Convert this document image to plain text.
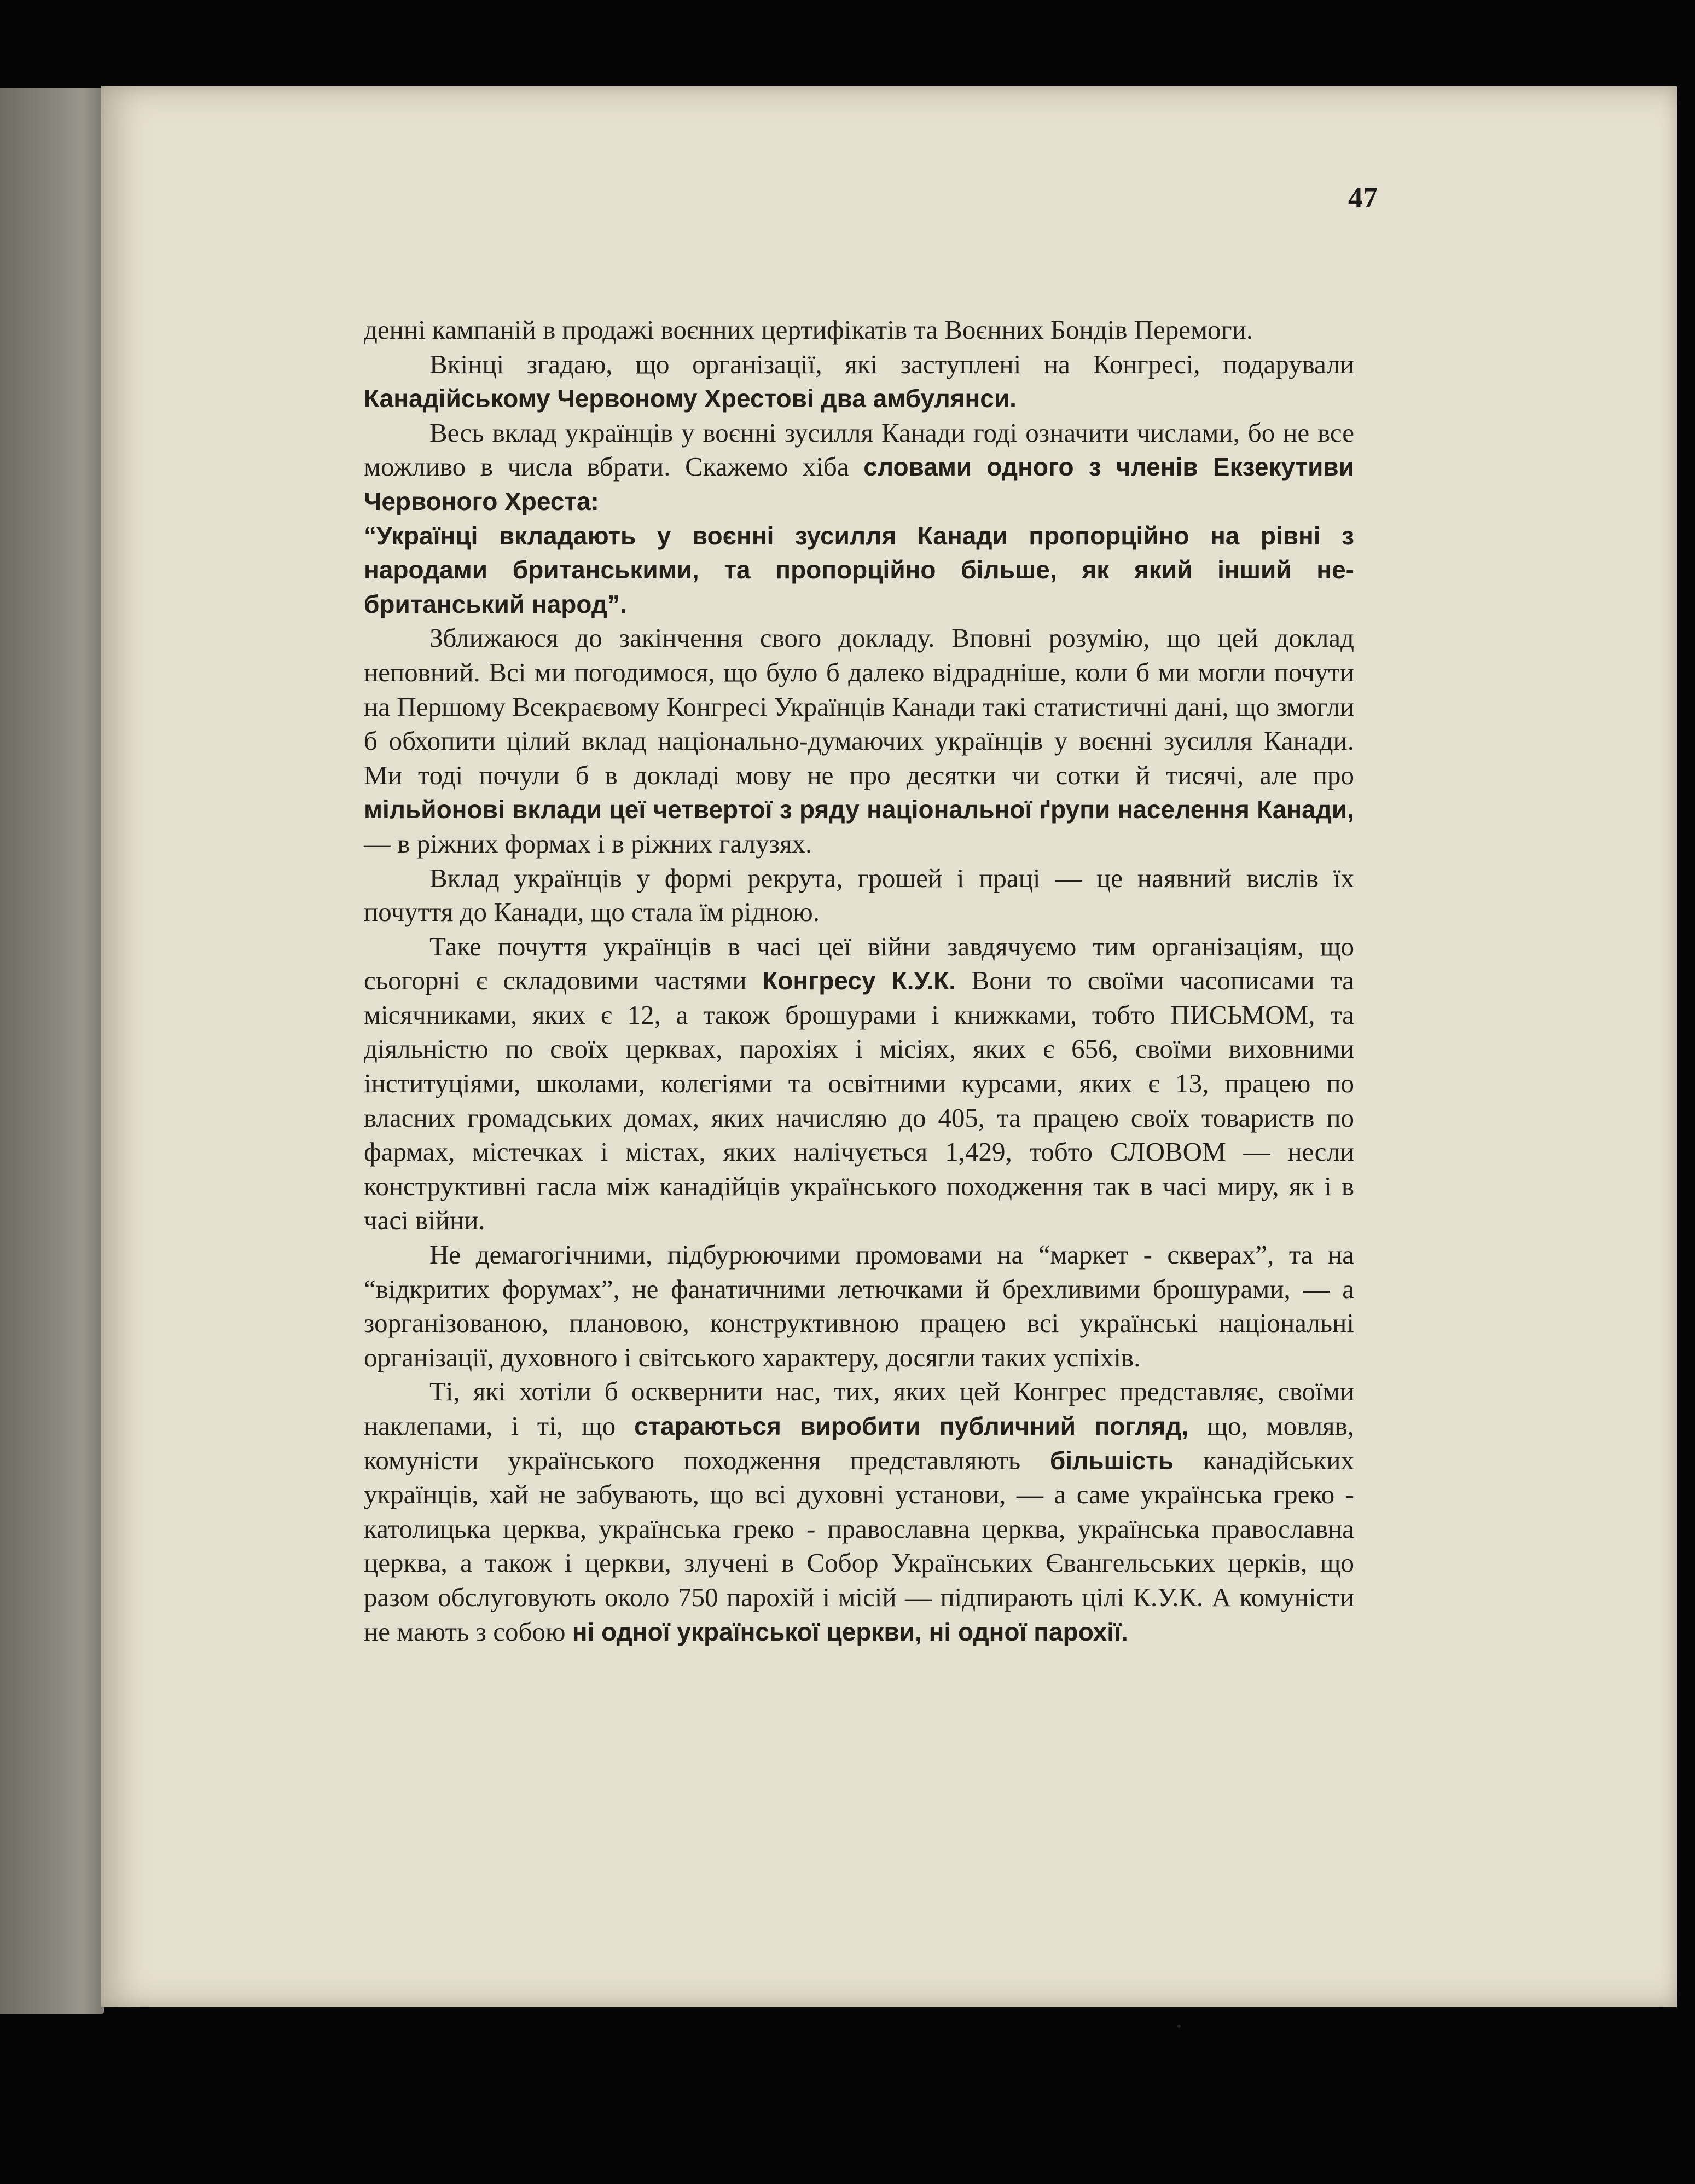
47

денні кампаній в продажі воєнних цертифікатів та Воєнних Бондів Перемоги.

Вкінці згадаю, що організації, які заступлені на Конгресі, подарували Канадійському Червоному Хрестові два амбулянси.

Весь вклад українців у воєнні зусилля Канади годі означити числами, бо не все можливо в числа вбрати. Скажемо хіба словами одного з членів Екзекутиви Червоного Хреста:

“Українці вкладають у воєнні зусилля Канади пропорційно на рівні з народами британськими, та пропорційно більше, як який інший не-британський народ”.

Зближаюся до закінчення свого докладу. Вповні розумію, що цей доклад неповний. Всі ми погодимося, що було б далеко відрадніше, коли б ми могли почути на Першому Всекраєвому Конгресі Українців Канади такі статистичні дані, що змогли б обхопити цілий вклад національно-думаючих українців у воєнні зусилля Канади. Ми тоді почули б в докладі мову не про десятки чи сотки й тисячі, але про мільйонові вклади цеї четвертої з ряду національної ґрупи населення Канади, — в ріжних формах і в ріжних галузях.

Вклад українців у формі рекрута, грошей і праці — це наявний вислів їх почуття до Канади, що стала їм рідною.

Таке почуття українців в часі цеї війни завдячуємо тим організаціям, що сьогорні є складовими частями Конгресу К.У.К. Вони то своїми часописами та місячниками, яких є 12, а також брошурами і книжками, тобто ПИСЬМОМ, та діяльністю по своїх церквах, парохіях і місіях, яких є 656, своїми виховними інституціями, школами, колєгіями та освітними курсами, яких є 13, працею по власних громадських домах, яких начисляю до 405, та працею своїх товариств по фармах, містечках і містах, яких налічується 1,429, тобто СЛОВОМ — несли конструктивні гасла між канадійців українського походження так в часі миру, як і в часі війни.

Не демагогічними, підбурюючими промовами на “маркет - скверах”, та на “відкритих форумах”, не фанатичними летючками й брехливими брошурами, — а зорганізованою, плановою, конструктивною працею всі українські національні організації, духовного і світського характеру, досягли таких успіхів.

Ті, які хотіли б осквернити нас, тих, яких цей Конгрес представляє, своїми наклепами, і ті, що стараються виробити публичний погляд, що, мовляв, комуністи українського походження представляють більшість канадійських українців, хай не забувають, що всі духовні установи, — а саме українська греко - католицька церква, українська греко - православна церква, українська православна церква, а також і церкви, злучені в Собор Українських Євангельських церків, що разом обслуговують около 750 парохій і місій — підпирають цілі К.У.К. А комуністи не мають з собою ні одної української церкви, ні одної парохії.
